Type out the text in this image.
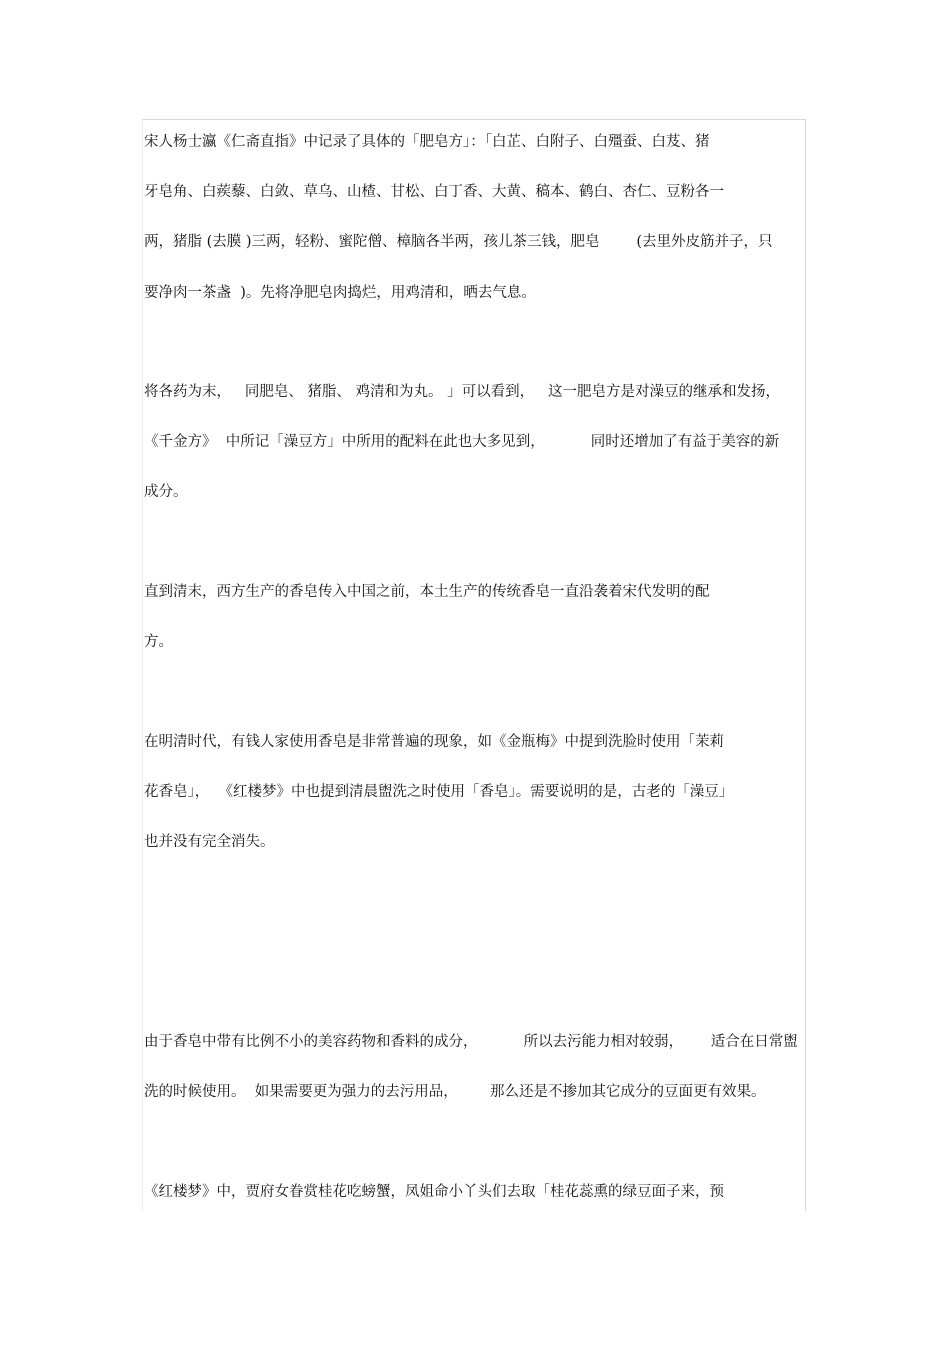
宋人杨士瀛《仁斋直指》中记录了具体的「肥皂方」：「白芷、白附子、白殭蚕、白芨、猪
牙皂角、白蒺藜、白敛、草乌、山楂、甘松、白丁香、大黄、稿本、鹤白、杏仁、豆粉各一
两，猪脂 (去膜 )三两，轻粉、蜜陀僧、樟脑各半两，孩儿茶三钱，肥皂        (去里外皮筋并子，只
要净肉一茶盏  )。先将净肥皂肉捣烂，用鸡清和，晒去气息。
将各药为末，   同肥皂、 猪脂、 鸡清和为丸。 」可以看到，   这一肥皂方是对澡豆的继承和发扬，
《千金方》  中所记「澡豆方」中所用的配料在此也大多见到，          同时还增加了有益于美容的新
成分。
直到清末，西方生产的香皂传入中国之前，本土生产的传统香皂一直沿袭着宋代发明的配
方。
在明清时代，有钱人家使用香皂是非常普遍的现象，如《金瓶梅》中提到洗脸时使用「茉莉
花香皂」，  《红楼梦》中也提到清晨盥洗之时使用「香皂」。需要说明的是，古老的「澡豆」
也并没有完全消失。
由于香皂中带有比例不小的美容药物和香料的成分，          所以去污能力相对较弱，      适合在日常盥
洗的时候使用。  如果需要更为强力的去污用品，       那么还是不掺加其它成分的豆面更有效果。
《红楼梦》中，贾府女眷赏桂花吃螃蟹，凤姐命小丫头们去取「桂花蕊熏的绿豆面子来，预
